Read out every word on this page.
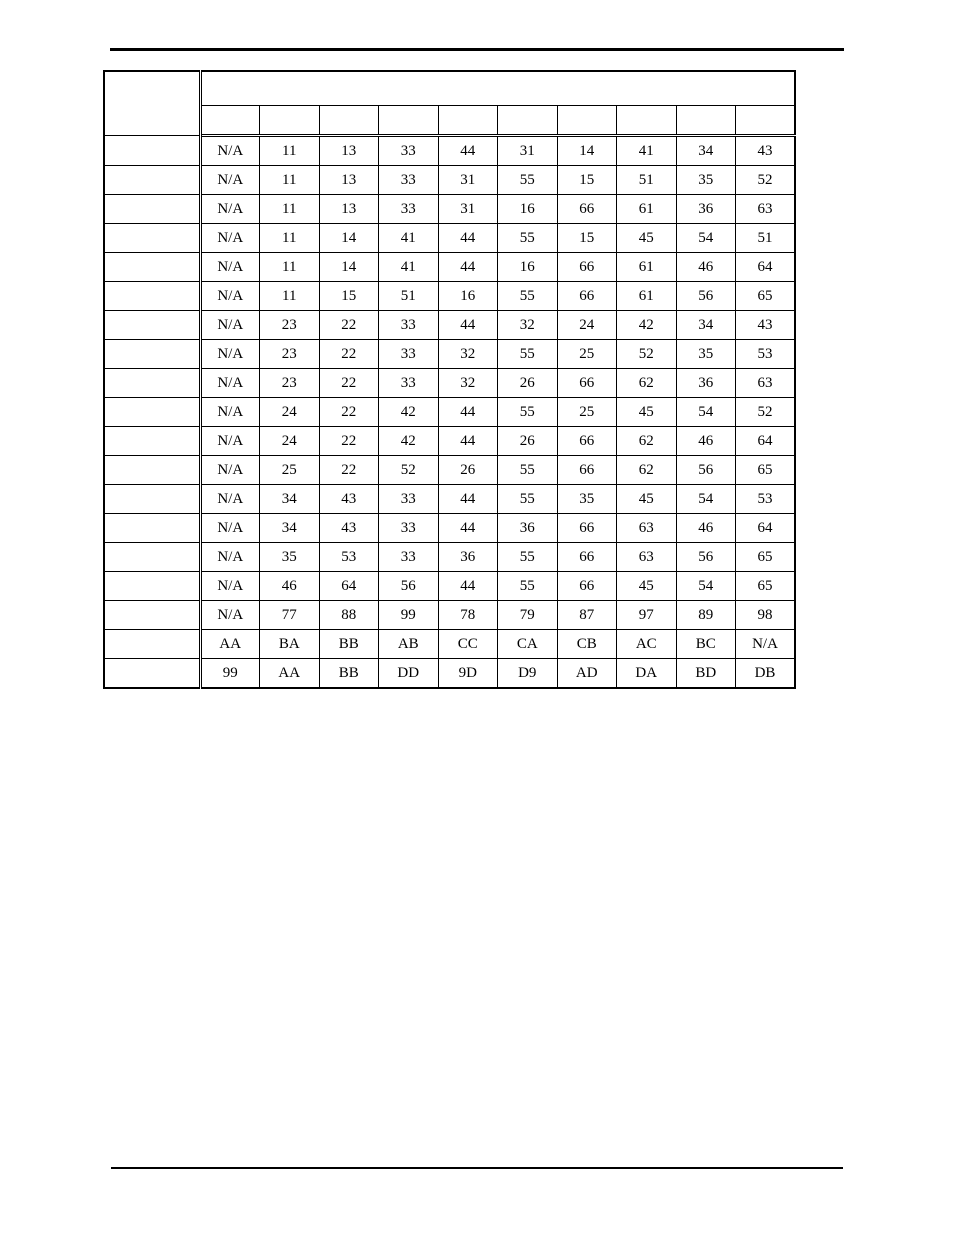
	N/A	11	13	33	44	31	14	41	34	43
	N/A	11	13	33	31	55	15	51	35	52
	N/A	11	13	33	31	16	66	61	36	63
	N/A	11	14	41	44	55	15	45	54	51
	N/A	11	14	41	44	16	66	61	46	64
	N/A	11	15	51	16	55	66	61	56	65
	N/A	23	22	33	44	32	24	42	34	43
	N/A	23	22	33	32	55	25	52	35	53
	N/A	23	22	33	32	26	66	62	36	63
	N/A	24	22	42	44	55	25	45	54	52
	N/A	24	22	42	44	26	66	62	46	64
	N/A	25	22	52	26	55	66	62	56	65
	N/A	34	43	33	44	55	35	45	54	53
	N/A	34	43	33	44	36	66	63	46	64
	N/A	35	53	33	36	55	66	63	56	65
	N/A	46	64	56	44	55	66	45	54	65
	N/A	77	88	99	78	79	87	97	89	98
	AA	BA	BB	AB	CC	CA	CB	AC	BC	N/A
	99	AA	BB	DD	9D	D9	AD	DA	BD	DB
